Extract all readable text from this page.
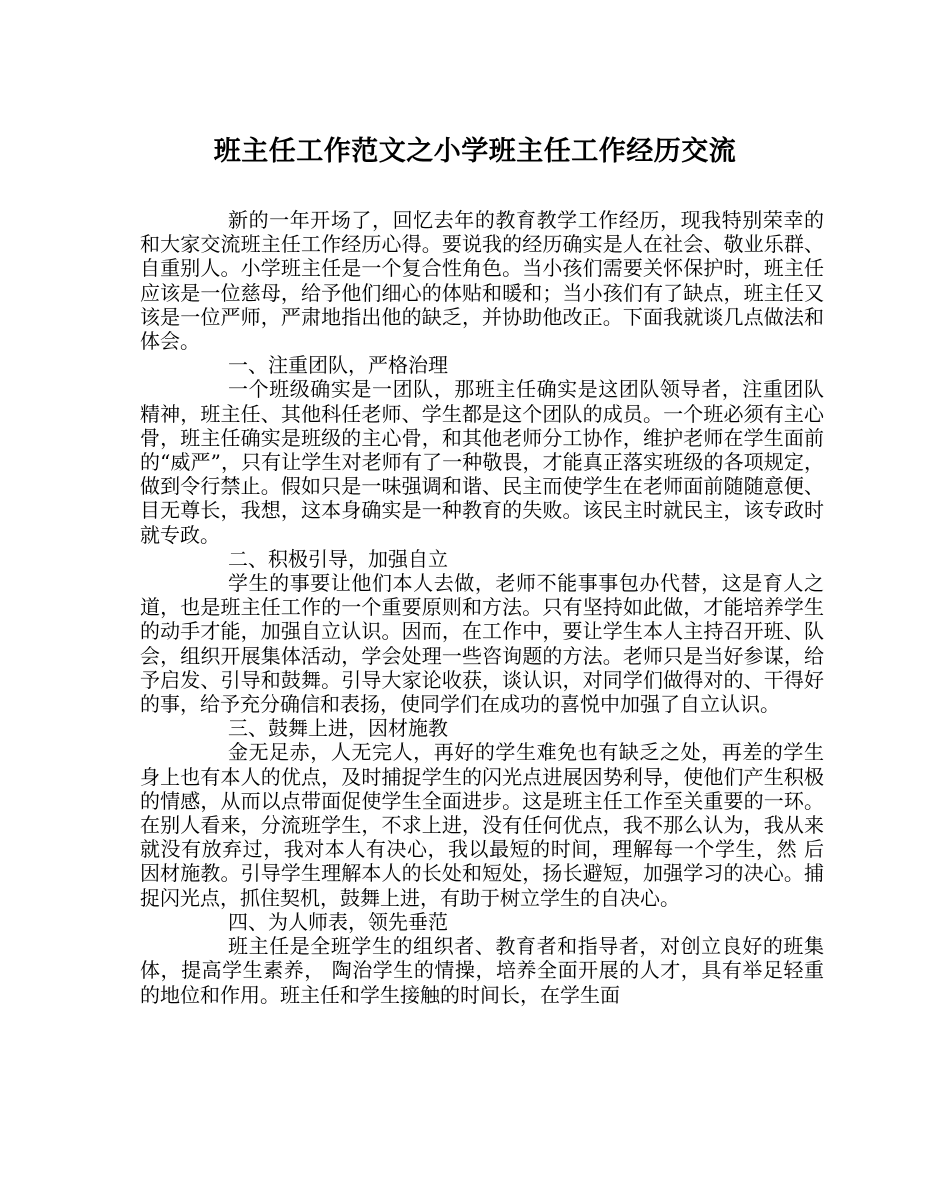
班主任工作范文之小学班主任工作经历交流

新的一年开场了，回忆去年的教育教学工作经历，现我特别荣幸的和大家交流班主任工作经历心得。要说我的经历确实是人在社会、敬业乐群、自重别人。小学班主任是一个复合性角色。当小孩们需要关怀保护时，班主任应该是一位慈母，给予他们细心的体贴和暖和；当小孩们有了缺点，班主任又该是一位严师，严肃地指出他的缺乏，并协助他改正。下面我就谈几点做法和体会。

一、注重团队，严格治理

一个班级确实是一团队，那班主任确实是这团队领导者，注重团队精神，班主任、其他科任老师、学生都是这个团队的成员。一个班必须有主心骨，班主任确实是班级的主心骨，和其他老师分工协作，维护老师在学生面前的“威严”，只有让学生对老师有了一种敬畏，才能真正落实班级的各项规定，做到令行禁止。假如只是一味强调和谐、民主而使学生在老师面前随随意便、目无尊长，我想，这本身确实是一种教育的失败。该民主时就民主，该专政时就专政。

二、积极引导，加强自立

学生的事要让他们本人去做，老师不能事事包办代替，这是育人之道，也是班主任工作的一个重要原则和方法。只有坚持如此做，才能培养学生的动手才能，加强自立认识。因而，在工作中，要让学生本人主持召开班、队会，组织开展集体活动，学会处理一些咨询题的方法。老师只是当好参谋，给予启发、引导和鼓舞。引导大家论收获，谈认识，对同学们做得对的、干得好的事，给予充分确信和表扬，使同学们在成功的喜悦中加强了自立认识。

三、鼓舞上进，因材施教

金无足赤，人无完人，再好的学生难免也有缺乏之处，再差的学生身上也有本人的优点，及时捕捉学生的闪光点进展因势利导，使他们产生积极的情感，从而以点带面促使学生全面进步。这是班主任工作至关重要的一环。在别人看来，分流班学生，不求上进，没有任何优点，我不那么认为，我从来就没有放弃过，我对本人有决心，我以最短的时间，理解每一个学生，然 后因材施教。引导学生理解本人的长处和短处，扬长避短，加强学习的决心。捕捉闪光点，抓住契机，鼓舞上进，有助于树立学生的自决心。

四、为人师表，领先垂范

班主任是全班学生的组织者、教育者和指导者，对创立良好的班集体，提高学生素养， 陶治学生的情操，培养全面开展的人才，具有举足轻重的地位和作用。班主任和学生接触的时间长，在学生面
